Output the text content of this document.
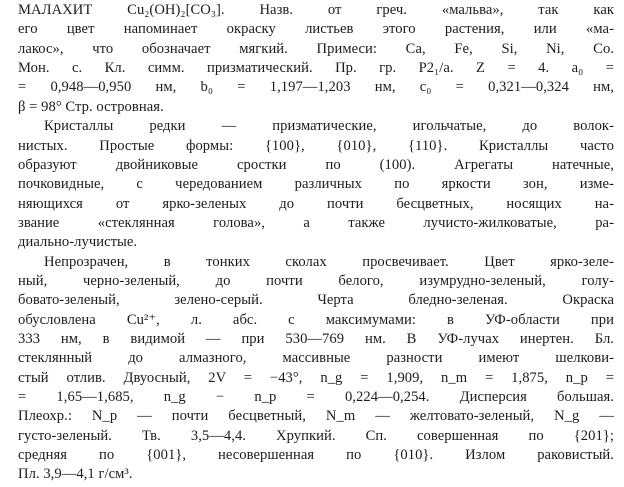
МАЛАХИТ Cu₂(OH)₂[CO₃]. Назв. от греч. «мальва», так как
его цвет напоминает окраску листьев этого растения, или «ма-
лакос», что обозначает мягкий. Примеси: Ca, Fe, Si, Ni, Co.
Мон. с. Кл. симм. призматический. Пр. гр. P2₁/a. Z = 4. a₀ =
= 0,948—0,950 нм, b₀ = 1,197—1,203 нм, c₀ = 0,321—0,324 нм,
β = 98° Стр. островная.
Кристаллы редки — призматические, игольчатые, до волок-
нистых. Простые формы: {100}, {010}, {110}. Кристаллы часто
образуют двойниковые сростки по (100). Агрегаты натечные,
почковидные, с чередованием различных по яркости зон, изме-
няющихся от ярко-зеленых до почти бесцветных, носящих на-
звание «стеклянная голова», а также лучисто-жилковатые, ра-
диально-лучистые.
Непрозрачен, в тонких сколах просвечивает. Цвет ярко-зеле-
ный, черно-зеленый, до почти белого, изумрудно-зеленый, голу-
бовато-зеленый, зелено-серый. Черта бледно-зеленая. Окраска
обусловлена Cu²⁺, л. абс. с максимумами: в УФ-области при
333 нм, в видимой — при 530—769 нм. В УФ-лучах инертен. Бл.
стеклянный до алмазного, массивные разности имеют шелкови-
стый отлив. Двуосный, 2V = −43°, n_g = 1,909, n_m = 1,875, n_p =
= 1,65—1,685, n_g − n_p = 0,224—0,254. Дисперсия большая.
Плеохр.: N_p — почти бесцветный, N_m — желтовато-зеленый, N_g —
густо-зеленый. Тв. 3,5—4,4. Хрупкий. Сп. совершенная по {201};
средняя по {001}, несовершенная по {010}. Излом раковистый.
Пл. 3,9—4,1 г/см³.
